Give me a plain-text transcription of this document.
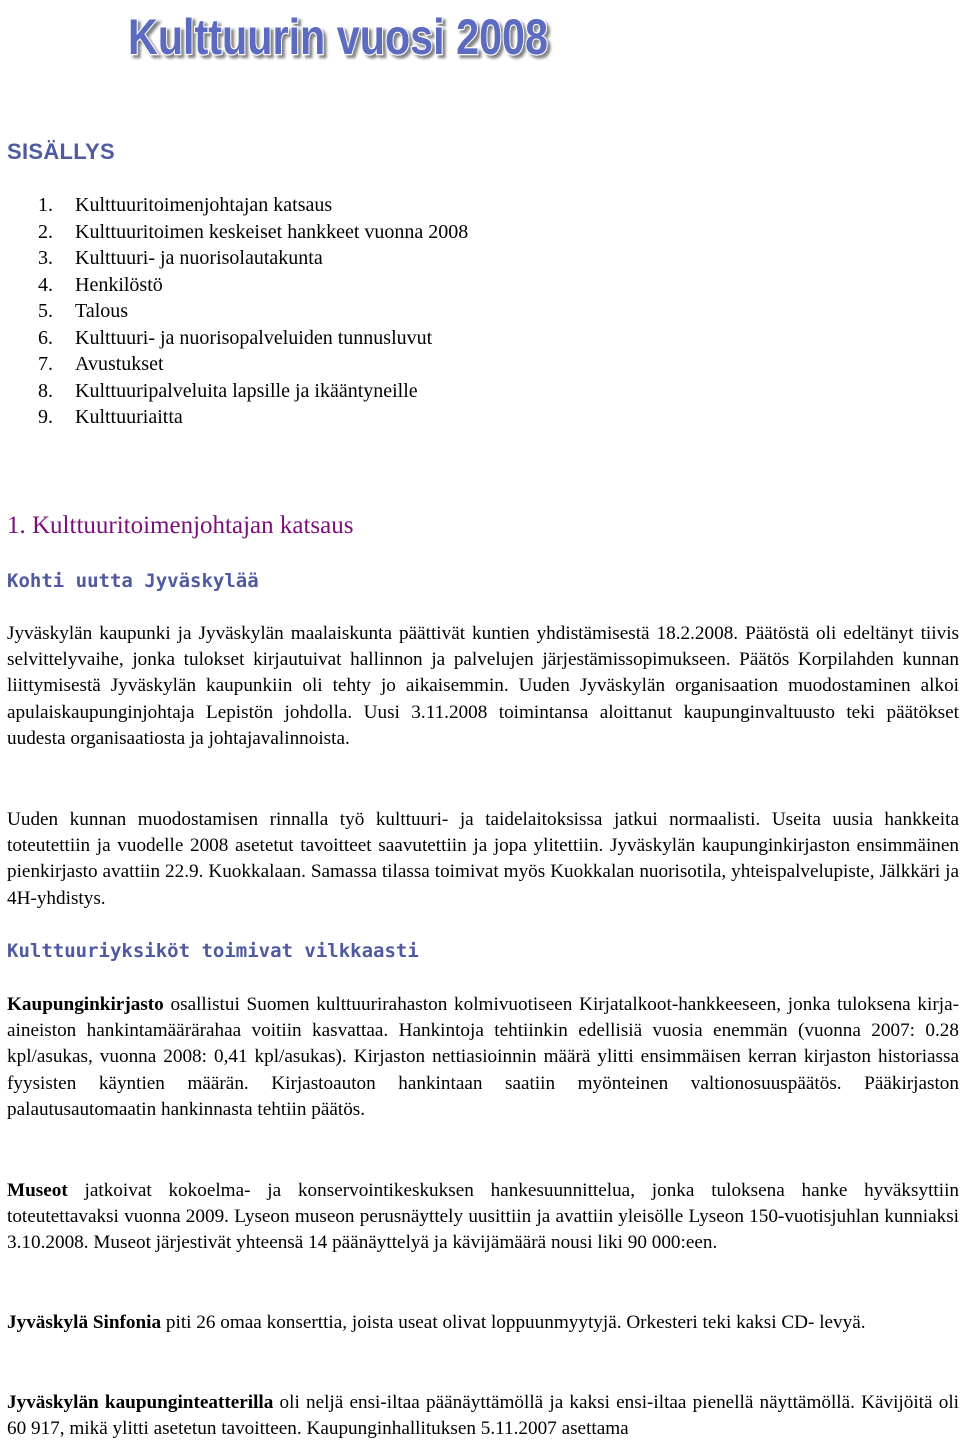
Kulttuurin vuosi 2008
SISÄLLYS
1. Kulttuuritoimenjohtajan katsaus
2. Kulttuuritoimen keskeiset hankkeet vuonna 2008
3. Kulttuuri- ja nuorisolautakunta
4. Henkilöstö
5. Talous
6. Kulttuuri- ja nuorisopalveluiden tunnusluvut
7. Avustukset
8. Kulttuuripalveluita lapsille ja ikääntyneille
9. Kulttuuriaitta
1. Kulttuuritoimenjohtajan katsaus
Kohti uutta Jyväskylää

Jyväskylän kaupunki ja Jyväskylän maalaiskunta päättivät kuntien yhdistämisestä 18.2.2008. Päätöstä oli edeltänyt tiivis selvittelyvaihe, jonka tulokset kirjautuivat hallinnon ja palvelujen järjestämissopimukseen. Päätös Korpilahden kunnan liittymisestä Jyväskylän kaupunkiin oli tehty jo aikaisemmin. Uuden Jyväskylän organisaation muodostaminen alkoi apulaiskaupunginjohtaja Lepistön johdolla. Uusi 3.11.2008 toimintansa aloittanut kaupunginvaltuusto teki päätökset uudesta organisaatiosta ja johtajavalinnoista.

Uuden kunnan muodostamisen rinnalla työ kulttuuri- ja taidelaitoksissa jatkui normaalisti. Useita uusia hankkeita toteutettiin ja vuodelle 2008 asetetut tavoitteet saavutettiin ja jopa ylitettiin. Jyväskylän kaupunginkirjaston ensimmäinen pienkirjasto avattiin 22.9. Kuokkalaan. Samassa tilassa toimivat myös Kuokkalan nuorisotila, yhteispalvelupiste, Jälkkäri ja 4H-yhdistys.

Kulttuuriyksiköt toimivat vilkkaasti

Kaupunginkirjasto osallistui Suomen kulttuurirahaston kolmivuotiseen Kirjatalkoot-hankkeeseen, jonka tuloksena kirja-aineiston hankintamäärärahaa voitiin kasvattaa. Hankintoja tehtiinkin edellisiä vuosia enemmän (vuonna 2007: 0.28 kpl/asukas, vuonna 2008: 0,41 kpl/asukas). Kirjaston nettiasioinnin määrä ylitti ensimmäisen kerran kirjaston historiassa fyysisten käyntien määrän. Kirjastoauton hankintaan saatiin myönteinen valtionosuuspäätös. Pääkirjaston palautusautomaatin hankinnasta tehtiin päätös.

Museot jatkoivat kokoelma- ja konservointikeskuksen hankesuunnittelua, jonka tuloksena hanke hyväksyttiin toteutettavaksi vuonna 2009. Lyseon museon perusnäyttely uusittiin ja avattiin yleisölle Lyseon 150-vuotisjuhlan kunniaksi 3.10.2008. Museot järjestivät yhteensä 14 päänäyttelyä ja kävijämäärä nousi liki 90 000:een.

Jyväskylä Sinfonia piti 26 omaa konserttia, joista useat olivat loppuunmyytyjä. Orkesteri teki kaksi CD- levyä.

Jyväskylän kaupunginteatterilla oli neljä ensi-iltaa päänäyttämöllä ja kaksi ensi-iltaa pienellä näyttämöllä. Kävijöitä oli 60 917, mikä ylitti asetetun tavoitteen. Kaupunginhallituksen 5.11.2007 asettama
